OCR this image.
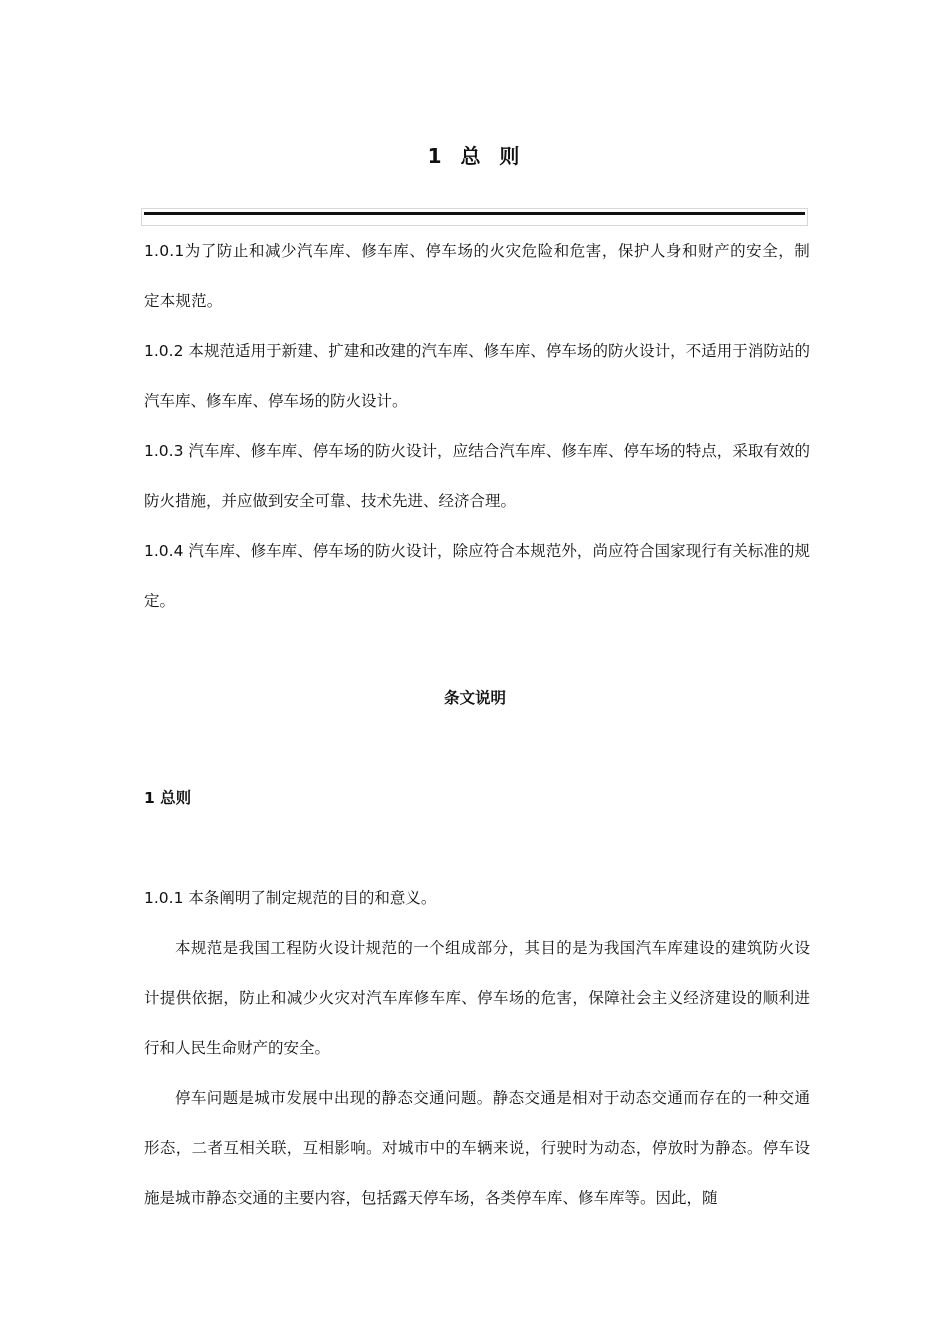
1 总 则

1.0.1为了防止和减少汽车库、修车库、停车场的火灾危险和危害，保护人身和财产的安全，制定本规范。

1.0.2 本规范适用于新建、扩建和改建的汽车库、修车库、停车场的防火设计，不适用于消防站的汽车库、修车库、停车场的防火设计。

1.0.3 汽车库、修车库、停车场的防火设计，应结合汽车库、修车库、停车场的特点，采取有效的防火措施，并应做到安全可靠、技术先进、经济合理。

1.0.4 汽车库、修车库、停车场的防火设计，除应符合本规范外，尚应符合国家现行有关标准的规定。

条文说明
1 总则

1.0.1 本条阐明了制定规范的目的和意义。

本规范是我国工程防火设计规范的一个组成部分，其目的是为我国汽车库建设的建筑防火设计提供依据，防止和减少火灾对汽车库修车库、停车场的危害，保障社会主义经济建设的顺利进行和人民生命财产的安全。

停车问题是城市发展中出现的静态交通问题。静态交通是相对于动态交通而存在的一种交通形态，二者互相关联，互相影响。对城市中的车辆来说，行驶时为动态，停放时为静态。停车设施是城市静态交通的主要内容，包括露天停车场，各类停车库、修车库等。因此，随
